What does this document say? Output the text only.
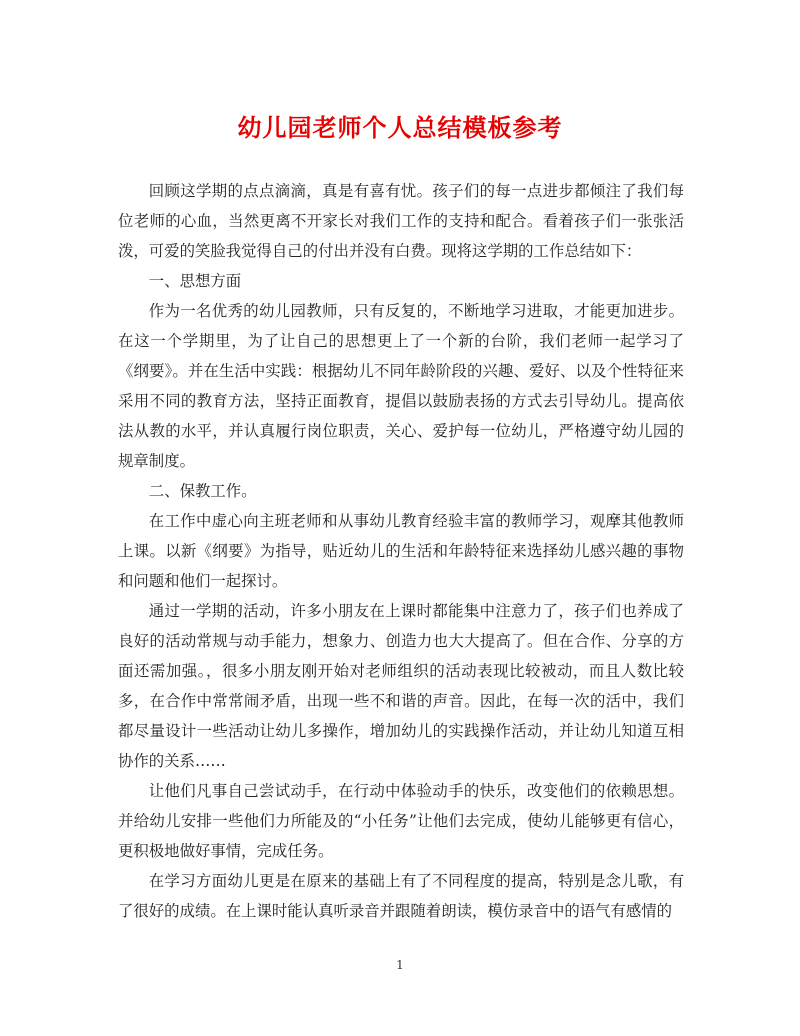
幼儿园老师个人总结模板参考

回顾这学期的点点滴滴，真是有喜有忧。孩子们的每一点进步都倾注了我们每位老师的心血，当然更离不开家长对我们工作的支持和配合。看着孩子们一张张活泼，可爱的笑脸我觉得自己的付出并没有白费。现将这学期的工作总结如下：

一、思想方面

作为一名优秀的幼儿园教师，只有反复的，不断地学习进取，才能更加进步。在这一个学期里，为了让自己的思想更上了一个新的台阶，我们老师一起学习了《纲要》。并在生活中实践：根据幼儿不同年龄阶段的兴趣、爱好、以及个性特征来采用不同的教育方法，坚持正面教育，提倡以鼓励表扬的方式去引导幼儿。提高依法从教的水平，并认真履行岗位职责，关心、爱护每一位幼儿，严格遵守幼儿园的规章制度。

二、保教工作。

在工作中虚心向主班老师和从事幼儿教育经验丰富的教师学习，观摩其他教师上课。以新《纲要》为指导，贴近幼儿的生活和年龄特征来选择幼儿感兴趣的事物和问题和他们一起探讨。

通过一学期的活动，许多小朋友在上课时都能集中注意力了，孩子们也养成了良好的活动常规与动手能力，想象力、创造力也大大提高了。但在合作、分享的方面还需加强。，很多小朋友刚开始对老师组织的活动表现比较被动，而且人数比较多，在合作中常常闹矛盾，出现一些不和谐的声音。因此，在每一次的活中，我们都尽量设计一些活动让幼儿多操作，增加幼儿的实践操作活动，并让幼儿知道互相协作的关系……

让他们凡事自己尝试动手，在行动中体验动手的快乐，改变他们的依赖思想。并给幼儿安排一些他们力所能及的“小任务”让他们去完成，使幼儿能够更有信心，更积极地做好事情，完成任务。

在学习方面幼儿更是在原来的基础上有了不同程度的提高，特别是念儿歌，有了很好的成绩。在上课时能认真听录音并跟随着朗读，模仿录音中的语气有感情的

1
